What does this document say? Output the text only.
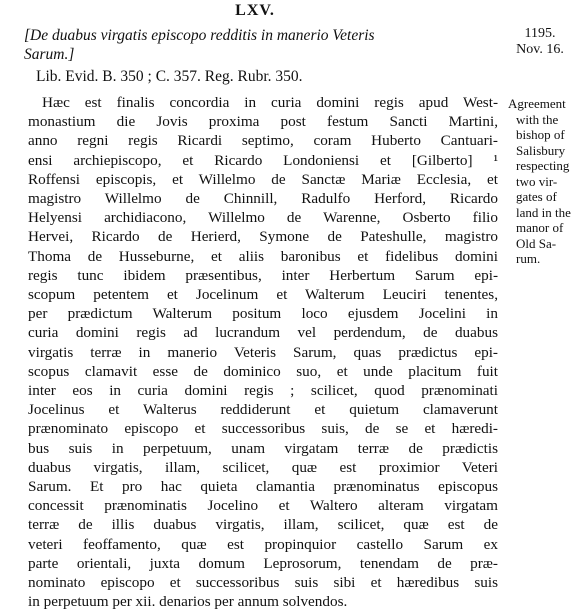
LXV.
[De duabus virgatis episcopo redditis in manerio Veteris
Sarum.]
1195.
Nov. 16.
Lib. Evid. B. 350 ; C. 357. Reg. Rubr. 350.
Hæc est finalis concordia in curia domini regis apud West-
monastium die Jovis proxima post festum Sancti Martini,
anno regni regis Ricardi septimo, coram Huberto Cantuari-
ensi archiepiscopo, et Ricardo Londoniensi et [Gilberto] ¹
Roffensi episcopis, et Willelmo de Sanctæ Mariæ Ecclesia, et
magistro Willelmo de Chinnill, Radulfo Herford, Ricardo
Helyensi archidiacono, Willelmo de Warenne, Osberto filio
Hervei, Ricardo de Herierd, Symone de Pateshulle, magistro
Thoma de Husseburne, et aliis baronibus et fidelibus domini
regis tunc ibidem præsentibus, inter Herbertum Sarum epi-
scopum petentem et Jocelinum et Walterum Leuciri tenentes,
per prædictum Walterum positum loco ejusdem Jocelini in
curia domini regis ad lucrandum vel perdendum, de duabus
virgatis terræ in manerio Veteris Sarum, quas prædictus epi-
scopus clamavit esse de dominico suo, et unde placitum fuit
inter eos in curia domini regis ; scilicet, quod prænominati
Jocelinus et Walterus reddiderunt et quietum clamaverunt
prænominato episcopo et successoribus suis, de se et hæredi-
bus suis in perpetuum, unam virgatam terræ de prædictis
duabus virgatis, illam, scilicet, quæ est proximior Veteri
Sarum. Et pro hac quieta clamantia prænominatus episcopus
concessit prænominatis Jocelino et Waltero alteram virgatam
terræ de illis duabus virgatis, illam, scilicet, quæ est de
veteri feoffamento, quæ est propinquior castello Sarum ex
parte orientali, juxta domum Leprosorum, tenendam de præ-
nominato episcopo et successoribus suis sibi et hæredibus suis
in perpetuum per xii. denarios per annum solvendos.
Agreement
with the
bishop of
Salisbury
respecting
two vir-
gates of
land in the
manor of
Old Sa-
rum.
